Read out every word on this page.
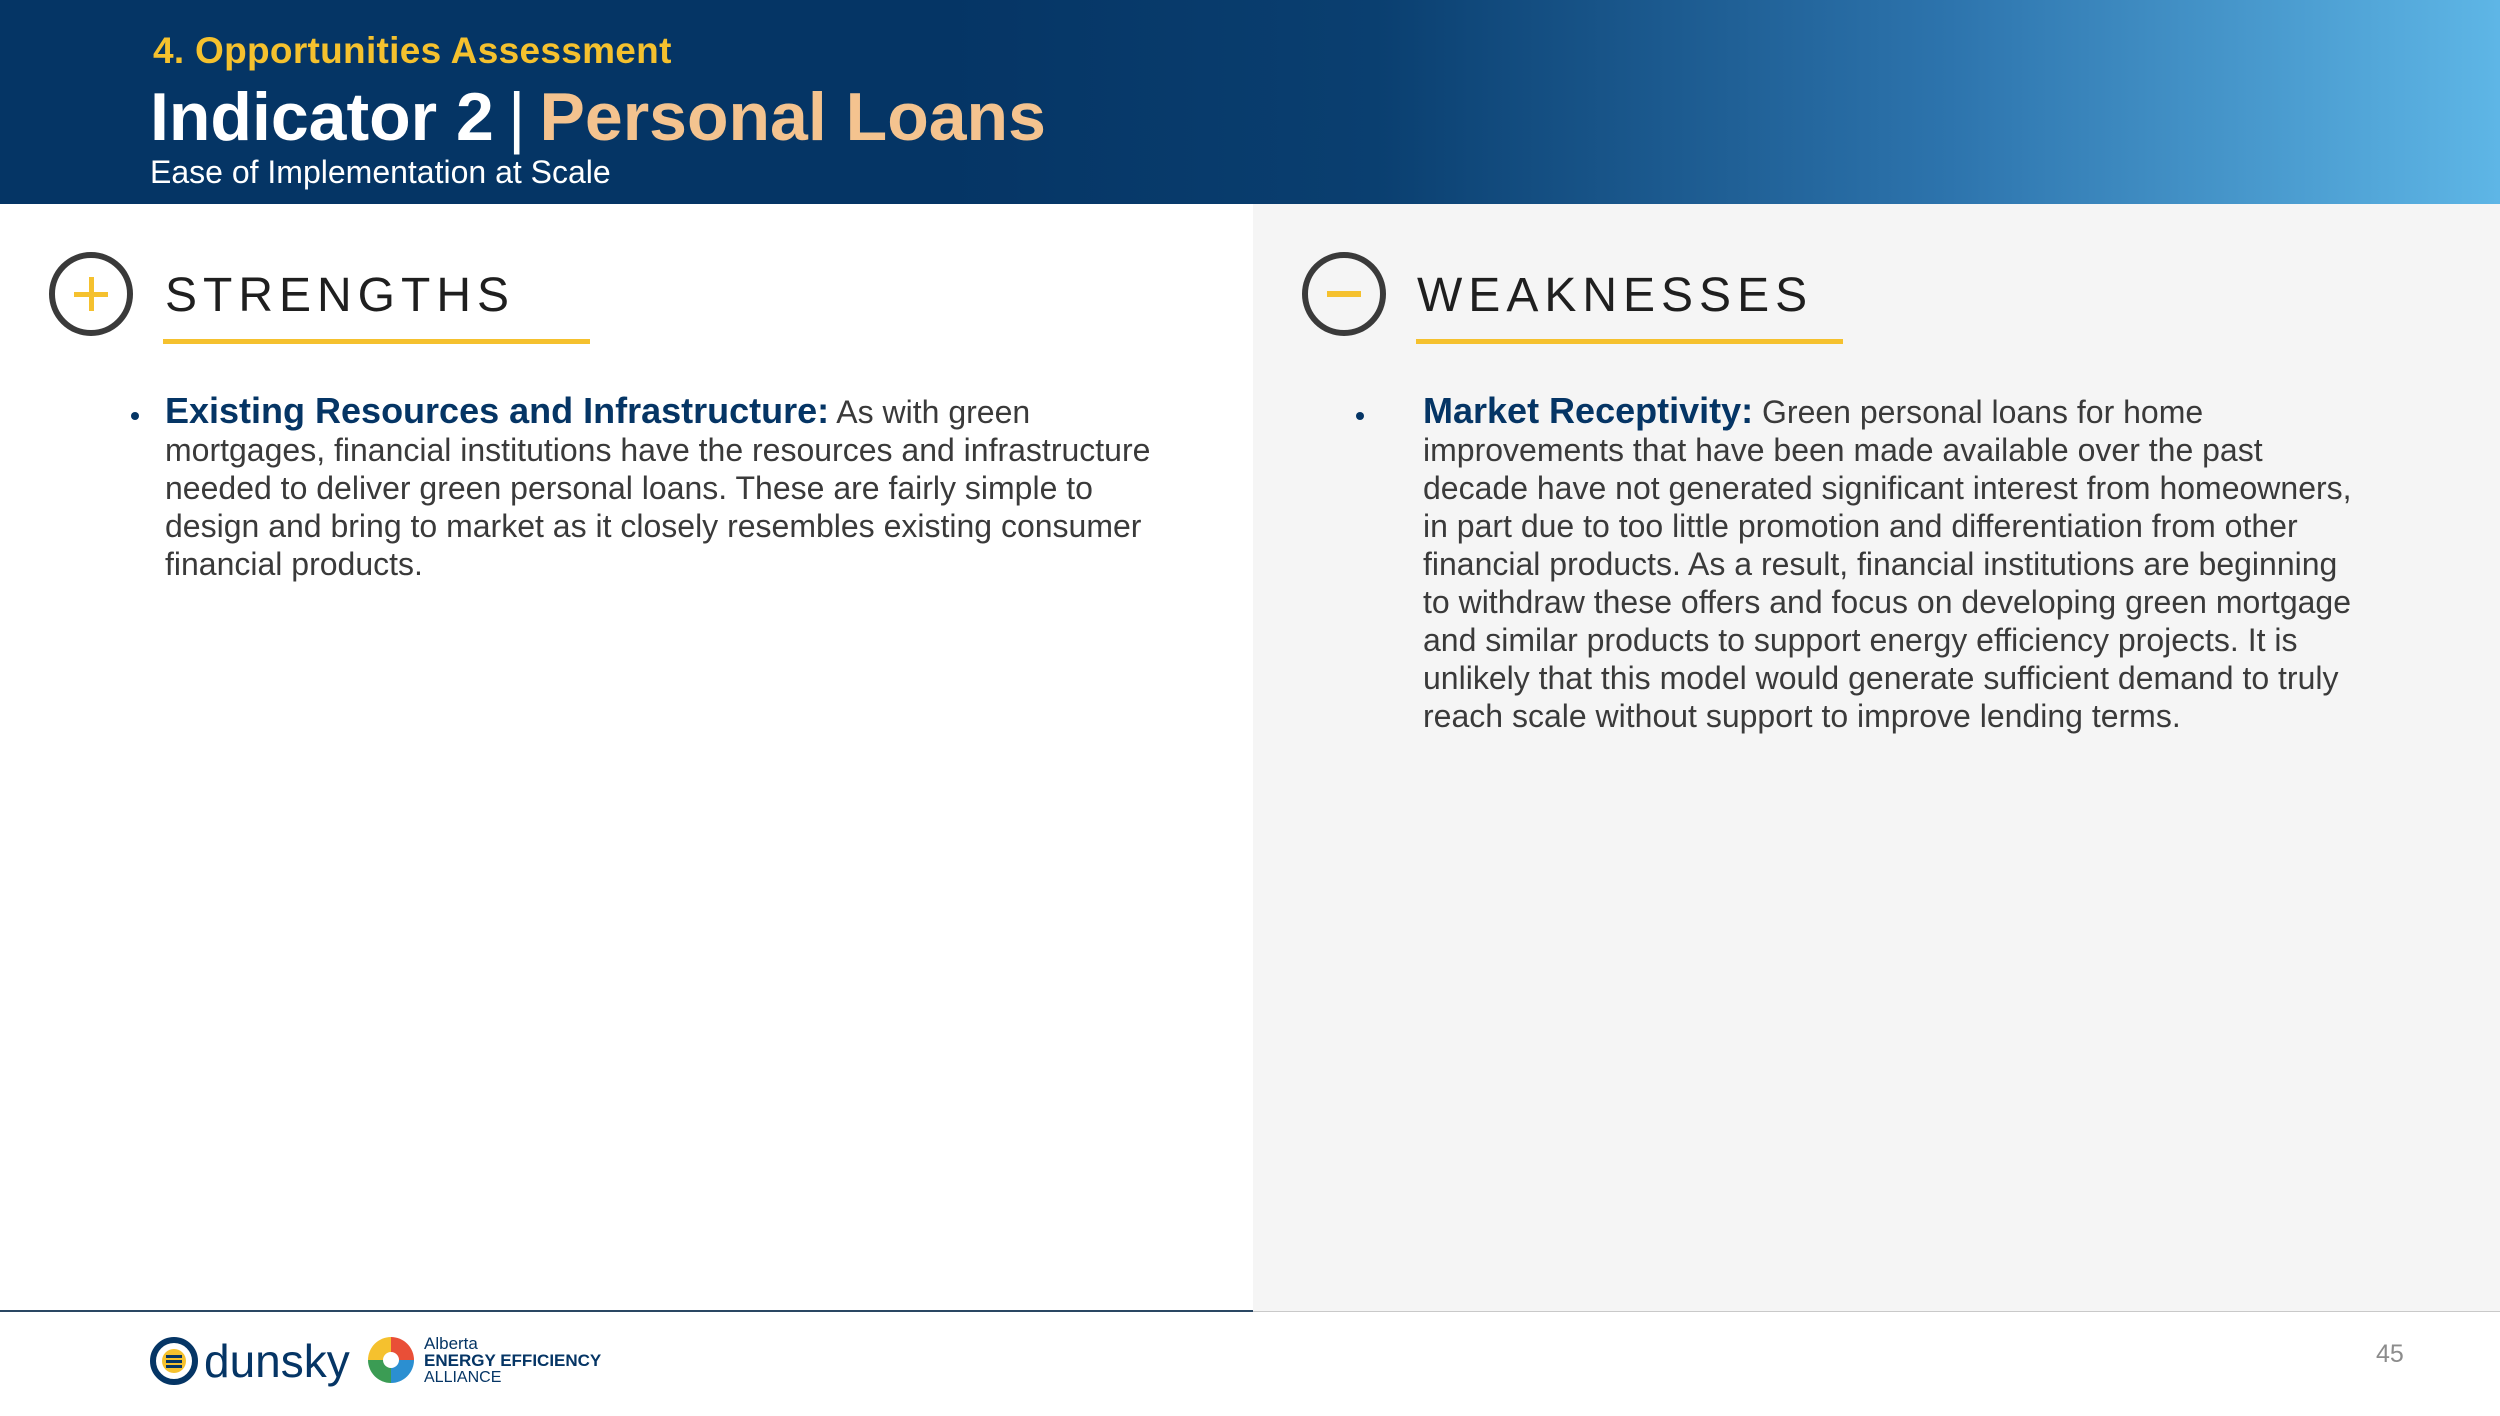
4. Opportunities Assessment
Indicator 2 | Personal Loans
Ease of Implementation at Scale
STRENGTHS
Existing Resources and Infrastructure: As with green
mortgages, financial institutions have the resources and infrastructure
needed to deliver green personal loans. These are fairly simple to
design and bring to market as it closely resembles existing consumer
financial products.
WEAKNESSES
Market Receptivity: Green personal loans for home
improvements that have been made available over the past
decade have not generated significant interest from homeowners,
in part due to too little promotion and differentiation from other
financial products. As a result, financial institutions are beginning
to withdraw these offers and focus on developing green mortgage
and similar products to support energy efficiency projects. It is
unlikely that this model would generate sufficient demand to truly
reach scale without support to improve lending terms.
dunsky	Alberta
ENERGY EFFICIENCY
ALLIANCE
45
